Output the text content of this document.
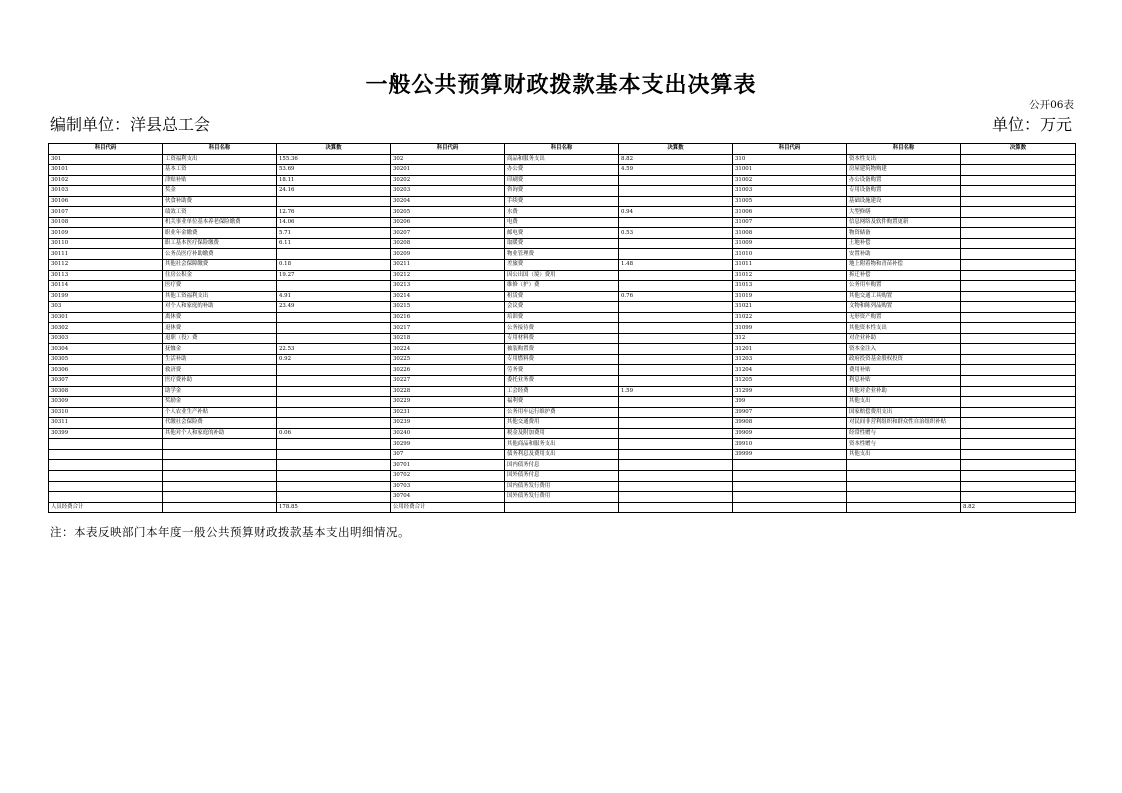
一般公共预算财政拨款基本支出决算表
公开06表
编制单位：洋县总工会	单位：万元
科目代码	科目名称	决算数	科目代码	科目名称	决算数	科目代码	科目名称	决算数
301	工资福利支出	155.36	302	商品和服务支出	8.82	310	资本性支出	
30101	基本工资	53.69	30201	办公费	4.59	31001	房屋建筑物购建	
30102	津贴补贴	18.11	30202	印刷费		31002	办公设备购置	
30103	奖金	24.16	30203	咨询费		31003	专用设备购置	
30106	伙食补助费		30204	手续费		31005	基础设施建设	
30107	绩效工资	12.76	30205	水费	0.94	31006	大型修缮	
30108	机关事业单位基本养老保险缴费	14.06	30206	电费		31007	信息网络及软件购置更新	
30109	职业年金缴费	5.71	30207	邮电费	0.53	31008	物资储备	
30110	职工基本医疗保险缴费	6.11	30208	取暖费		31009	土地补偿	
30111	公务员医疗补助缴费		30209	物业管理费		31010	安置补助	
30112	其他社会保障缴费	0.18	30211	差旅费	1.48	31011	地上附着物和青苗补偿	
30113	住房公积金	19.27	30212	因公出国（境）费用		31012	拆迁补偿	
30114	医疗费		30213	维修（护）费		31013	公务用车购置	
30199	其他工资福利支出	4.91	30214	租赁费	0.76	31019	其他交通工具购置	
303	对个人和家庭的补助	23.49	30215	会议费		31021	文物和陈列品购置	
30301	离休费		30216	培训费		31022	无形资产购置	
30302	退休费		30217	公务接待费		31099	其他资本性支出	
30303	退职（役）费		30218	专用材料费		312	对企业补助	
30304	抚恤金	22.53	30224	被装购置费		31201	资本金注入	
30305	生活补助	0.92	30225	专用燃料费		31203	政府投资基金股权投资	
30306	救济费		30226	劳务费		31204	费用补贴	
30307	医疗费补助		30227	委托业务费		31205	利息补贴	
30308	助学金		30228	工会经费	1.59	31299	其他对企业补助	
30309	奖励金		30229	福利费		399	其他支出	
30310	个人农业生产补贴		30231	公务用车运行维护费		39907	国家赔偿费用支出	
30311	代缴社会保险费		30239	其他交通费用		39908	对民间非营利组织和群众性自治组织补贴	
30399	其他对个人和家庭的补助	0.06	30240	税金及附加费用		39909	经常性赠与	
			30299	其他商品和服务支出		39910	资本性赠与	
			307	债务利息及费用支出		39999	其他支出	
			30701	国内债务付息				
			30702	国外债务付息				
			30703	国内债务发行费用				
			30704	国外债务发行费用				
人员经费合计		178.85	公用经费合计					8.82
注：本表反映部门本年度一般公共预算财政拨款基本支出明细情况。
